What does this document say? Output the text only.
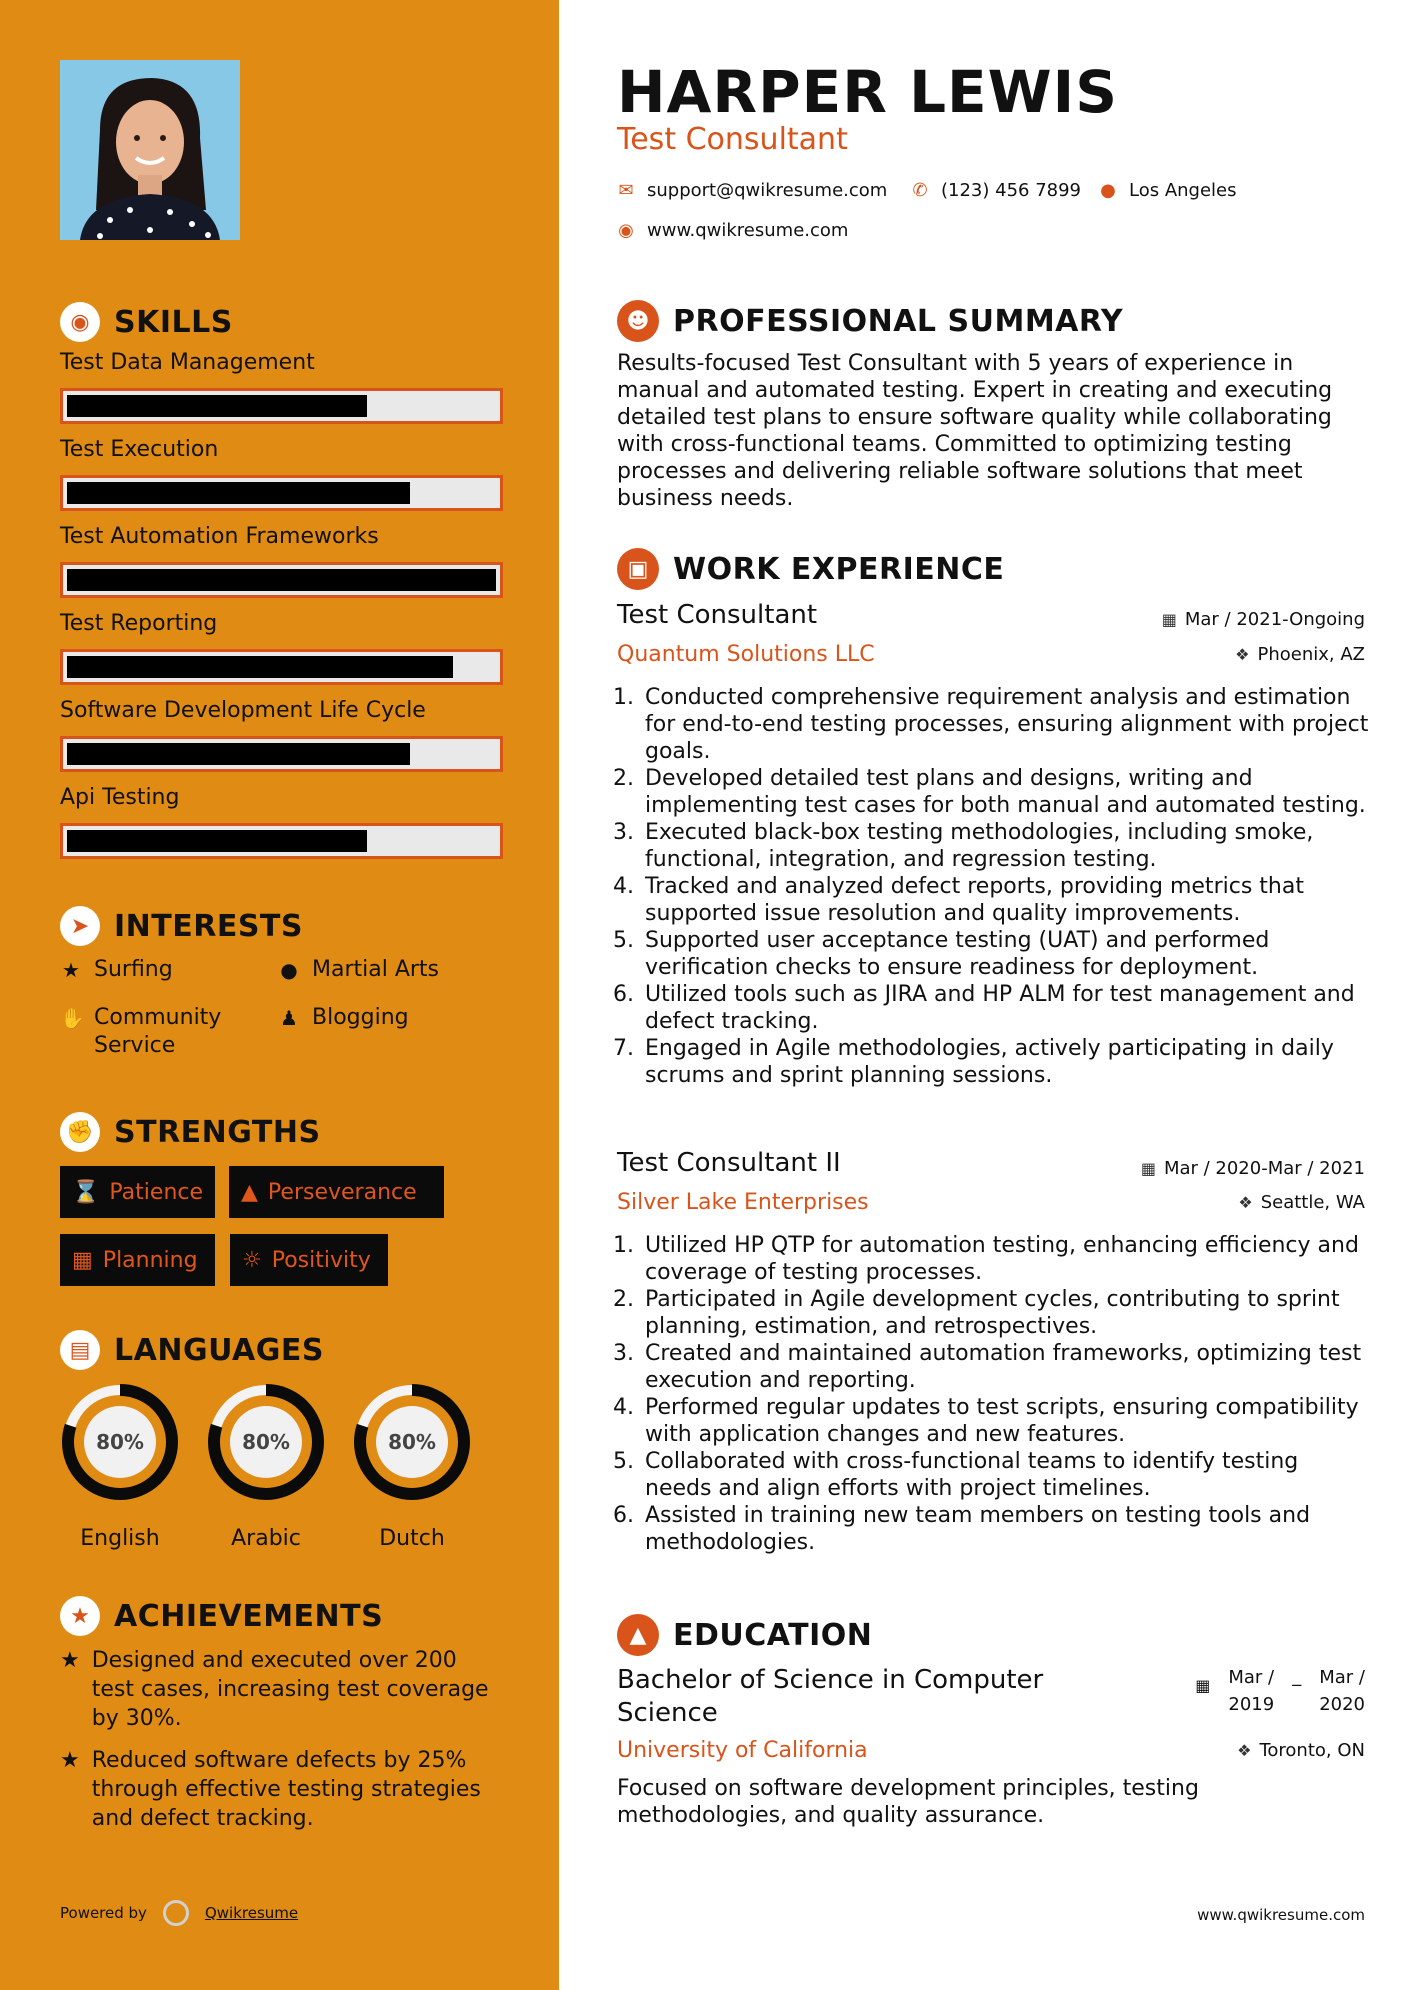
◉ SKILLS
Test Data Management
Test Execution
Test Automation Frameworks
Test Reporting
Software Development Life Cycle
Api Testing
➤ INTERESTS
★ Surfing	● Martial Arts
✋ Community Service
♟ Blogging
✊ STRENGTHS
⌛ Patience ▲ Perseverance
▦ Planning ☼ Positivity
▤ LANGUAGES
80%
English
80%
Arabic
80%
Dutch
★ ACHIEVEMENTS
★ Designed and executed over 200 test cases, increasing test coverage by 30%.
★ Reduced software defects by 25% through effective testing strategies and defect tracking.
Powered by	Qwikresume
HARPER LEWIS
Test Consultant
✉ support@qwikresume.com ✆ (123) 456 7899 ● Los Angeles
◉ www.qwikresume.com
☻ PROFESSIONAL SUMMARY
Results-focused Test Consultant with 5 years of experience in manual and automated testing. Expert in creating and executing detailed test plans to ensure software quality while collaborating with cross-functional teams. Committed to optimizing testing processes and delivering reliable software solutions that meet business needs.
▣ WORK EXPERIENCE
Test Consultant	▦ Mar / 2021-Ongoing
Quantum Solutions LLC	❖ Phoenix, AZ
1. Conducted comprehensive requirement analysis and estimation for end-to-end testing processes, ensuring alignment with project goals.
2. Developed detailed test plans and designs, writing and implementing test cases for both manual and automated testing.
3. Executed black-box testing methodologies, including smoke, functional, integration, and regression testing.
4. Tracked and analyzed defect reports, providing metrics that supported issue resolution and quality improvements.
5. Supported user acceptance testing (UAT) and performed verification checks to ensure readiness for deployment.
6. Utilized tools such as JIRA and HP ALM for test management and defect tracking.
7. Engaged in Agile methodologies, actively participating in daily scrums and sprint planning sessions.
Test Consultant II	▦ Mar / 2020-Mar / 2021
Silver Lake Enterprises	❖ Seattle, WA
1. Utilized HP QTP for automation testing, enhancing efficiency and coverage of testing processes.
2. Participated in Agile development cycles, contributing to sprint planning, estimation, and retrospectives.
3. Created and maintained automation frameworks, optimizing test execution and reporting.
4. Performed regular updates to test scripts, ensuring compatibility with application changes and new features.
5. Collaborated with cross-functional teams to identify testing needs and align efforts with project timelines.
6. Assisted in training new team members on testing tools and methodologies.
▲ EDUCATION
Bachelor of Science in Computer Science
▦ Mar /
2019
_ Mar /
2020
University of California	❖ Toronto, ON
Focused on software development principles, testing methodologies, and quality assurance.
www.qwikresume.com
